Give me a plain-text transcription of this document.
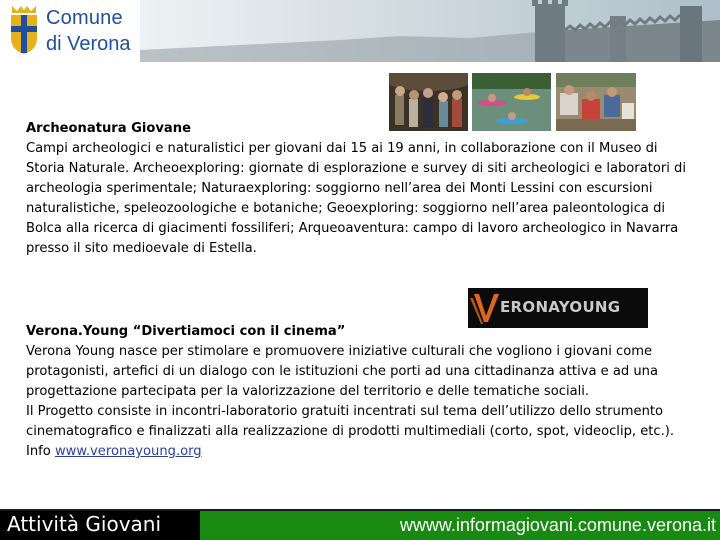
Comune
di Verona
Archeonatura Giovane
Campi archeologici e naturalistici per giovani dai 15 ai 19 anni, in collaborazione con il Museo di Storia Naturale. Archeoexploring: giornate di esplorazione e survey di siti archeologici e laboratori di archeologia sperimentale; Naturaexploring: soggiorno nell’area dei Monti Lessini con escursioni naturalistiche, speleozoologiche e botaniche; Geoexploring: soggiorno nell’area paleontologica di Bolca alla ricerca di giacimenti fossiliferi; Arqueoaventura: campo di lavoro archeologico in Navarra presso il sito medioevale di Estella.
ERONAYOUNG
Verona.Young “Divertiamoci con il cinema”
Verona Young nasce per stimolare e promuovere iniziative culturali che vogliono i giovani come protagonisti, artefici di un dialogo con le istituzioni che porti ad una cittadinanza attiva e ad una progettazione partecipata per la valorizzazione del territorio e delle tematiche sociali.
Il Progetto consiste in incontri-laboratorio gratuiti incentrati sul tema dell’utilizzo dello strumento cinematografico e finalizzati alla realizzazione di prodotti multimediali (corto, spot, videoclip, etc.). Info www.veronayoung.org
Attività Giovani	wwww.informagiovani.comune.verona.it
